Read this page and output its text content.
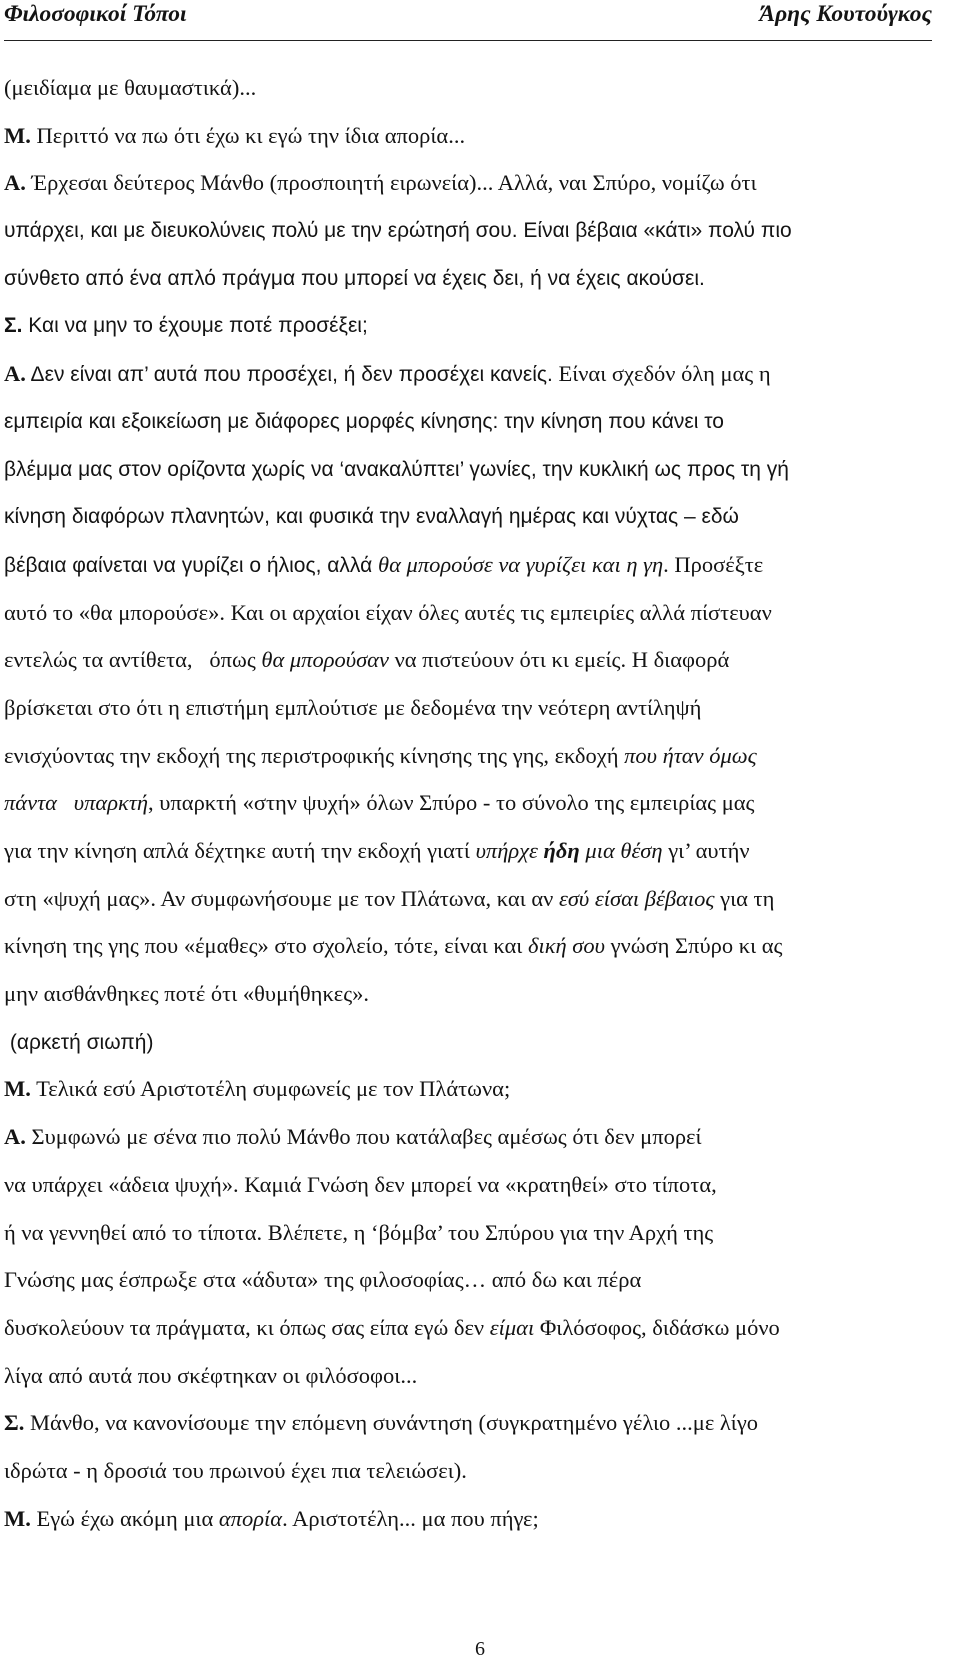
Φιλοσοφικοί Τόποι	Άρης Κουτούγκος
(μειδίαμα με θαυμαστικά)...
Μ. Περιττό να πω ότι έχω κι εγώ την ίδια απορία...
Α. Έρχεσαι δεύτερος Μάνθο (προσποιητή ειρωνεία)... Αλλά, ναι Σπύρο, νομίζω ότι
υπάρχει, και με διευκολύνεις πολύ με την ερώτησή σου. Είναι βέβαια «κάτι» πολύ πιο
σύνθετο από ένα απλό πράγμα που μπορεί να έχεις δει, ή να έχεις ακούσει.
Σ. Και να μην το έχουμε ποτέ προσέξει;
Α. Δεν είναι απ’ αυτά που προσέχει, ή δεν προσέχει κανείς. Είναι σχεδόν όλη μας η
εμπειρία και εξοικείωση με διάφορες μορφές κίνησης: την κίνηση που κάνει το
βλέμμα μας στον ορίζοντα χωρίς να ‘ανακαλύπτει’ γωνίες, την κυκλική ως προς τη γή
κίνηση διαφόρων πλανητών, και φυσικά την εναλλαγή ημέρας και νύχτας – εδώ
βέβαια φαίνεται να γυρίζει ο ήλιος, αλλά θα μπορούσε να γυρίζει και η γη. Προσέξτε
αυτό το «θα μπορούσε». Και οι αρχαίοι είχαν όλες αυτές τις εμπειρίες αλλά πίστευαν
εντελώς τα αντίθετα,   όπως θα μπορούσαν να πιστεύουν ότι κι εμείς. Η διαφορά
βρίσκεται στο ότι η επιστήμη εμπλούτισε με δεδομένα την νεότερη αντίληψή
ενισχύοντας την εκδοχή της περιστροφικής κίνησης της γης, εκδοχή που ήταν όμως
πάντα   υπαρκτή, υπαρκτή «στην ψυχή» όλων Σπύρο - το σύνολο της εμπειρίας μας
για την κίνηση απλά δέχτηκε αυτή την εκδοχή γιατί υπήρχε ήδη μια θέση γι’ αυτήν
στη «ψυχή μας». Αν συμφωνήσουμε με τον Πλάτωνα, και αν εσύ είσαι βέβαιος για τη
κίνηση της γης που «έμαθες» στο σχολείο, τότε, είναι και δική σου γνώση Σπύρο κι ας
μην αισθάνθηκες ποτέ ότι «θυμήθηκες».
(αρκετή σιωπή)
Μ. Τελικά εσύ Αριστοτέλη συμφωνείς με τον Πλάτωνα;
Α. Συμφωνώ με σένα πιο πολύ Μάνθο που κατάλαβες αμέσως ότι δεν μπορεί
να υπάρχει «άδεια ψυχή». Καμιά Γνώση δεν μπορεί να «κρατηθεί» στο τίποτα,
ή να γεννηθεί από το τίποτα. Βλέπετε, η ‘βόμβα’ του Σπύρου για την Αρχή της
Γνώσης μας έσπρωξε στα «άδυτα» της φιλοσοφίας… από δω και πέρα
δυσκολεύουν τα πράγματα, κι όπως σας είπα εγώ δεν είμαι Φιλόσοφος, διδάσκω μόνο
λίγα από αυτά που σκέφτηκαν οι φιλόσοφοι...
Σ. Μάνθο, να κανονίσουμε την επόμενη συνάντηση (συγκρατημένο γέλιο ...με λίγο
ιδρώτα - η δροσιά του πρωινού έχει πια τελειώσει).
Μ. Εγώ έχω ακόμη μια απορία. Αριστοτέλη... μα που πήγε;
6
